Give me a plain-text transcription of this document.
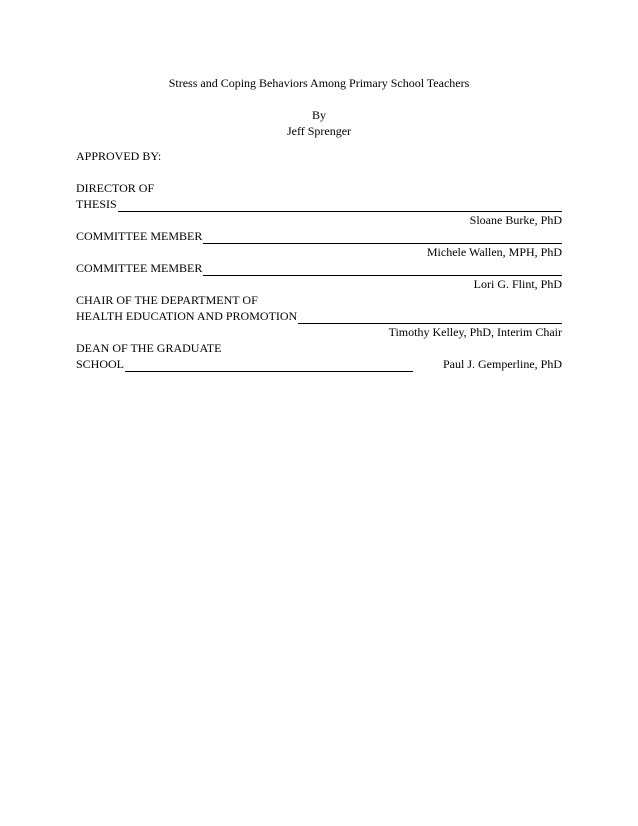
Stress and Coping Behaviors Among Primary School Teachers
By
Jeff Sprenger
APPROVED BY:
DIRECTOR OF
THESIS
Sloane Burke, PhD
COMMITTEE MEMBER
Michele Wallen, MPH, PhD
COMMITTEE MEMBER
Lori G. Flint, PhD
CHAIR OF THE DEPARTMENT OF
HEALTH EDUCATION AND PROMOTION
Timothy Kelley, PhD, Interim Chair
DEAN OF THE GRADUATE
SCHOOL	Paul J. Gemperline, PhD
